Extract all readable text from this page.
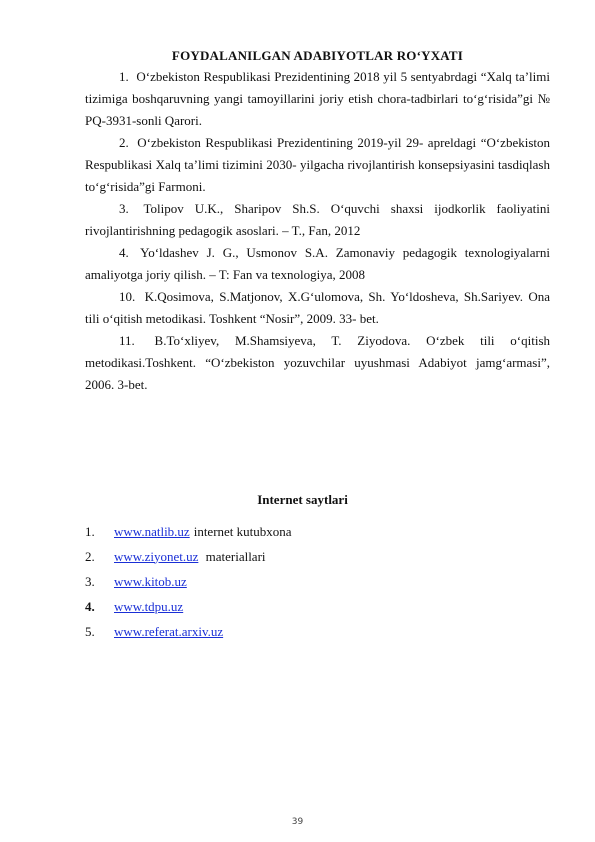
FOYDALANILGAN ADABIYOTLAR RO‘YXATI

1. O‘zbekiston Respublikasi Prezidentining 2018 yil 5 sentyabrdagi “Xalq ta’limi tizimiga boshqaruvning yangi tamoyillarini joriy etish chora-tadbirlari to‘g‘risida”gi № PQ-3931-sonli Qarori.

2. O‘zbekiston Respublikasi Prezidentining 2019-yil 29- apreldagi “O‘zbekiston

Respublikasi Xalq ta’limi tizimini 2030- yilgacha rivojlantirish konsepsiyasini tasdiqlash to‘g‘risida”gi Farmoni.

3. Tolipov U.K., Sharipov Sh.S. O‘quvchi shaxsi ijodkorlik faoliyatini rivojlantirishning pedagogik asoslari. – T., Fan, 2012

4. Yo‘ldashev J. G., Usmonov S.A. Zamonaviy pedagogik texnologiyalarni amaliyotga joriy qilish. – T: Fan va texnologiya, 2008

10. K.Qosimova, S.Matjonov, X.G‘ulomova, Sh. Yo‘ldosheva, Sh.Sariyev. Ona tili o‘qitish metodikasi. Toshkent “Nosir”, 2009. 33- bet.

11. B.To‘xliyev, M.Shamsiyeva, T. Ziyodova. O‘zbek tili o‘qitish metodikasi.Toshkent. “O‘zbekiston yozuvchilar uyushmasi Adabiyot jamg‘armasi”, 2006. 3-bet.

Internet saytlari
1.	www.natlib.uz internet kutubxona
2.	www.ziyonet.uz materiallari
3.	www.kitob.uz
4.	www.tdpu.uz
5.	www.referat.arxiv.uz
39
